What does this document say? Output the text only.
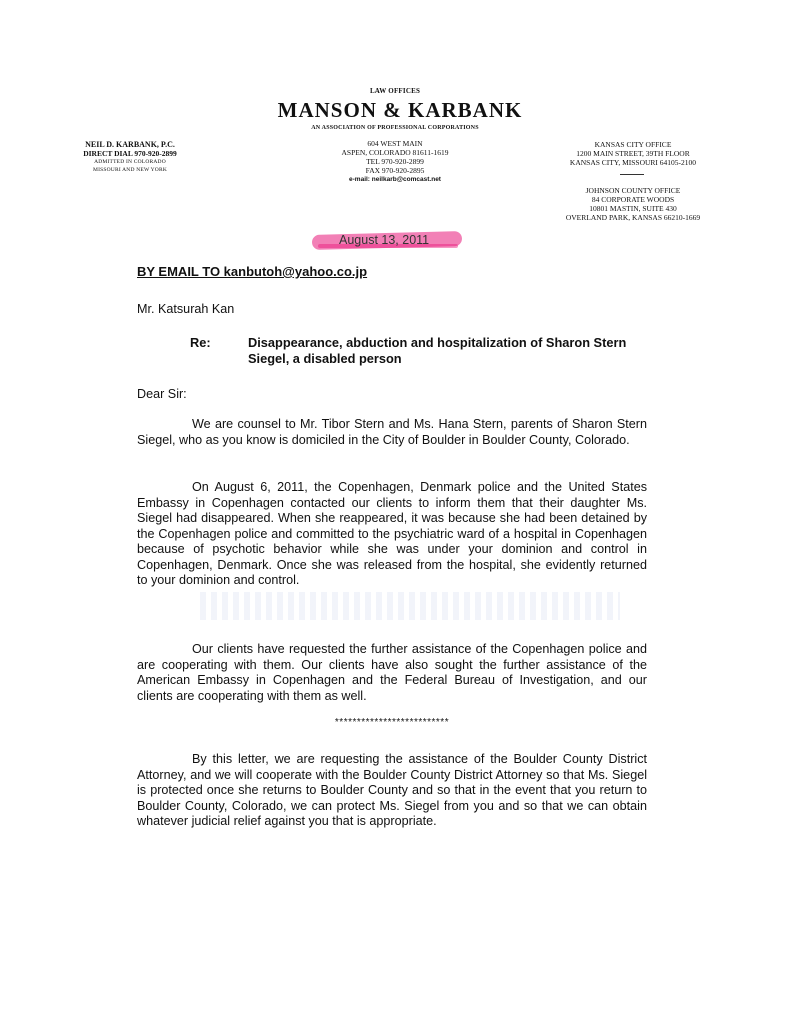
LAW OFFICES
MANSON & KARBANK
AN ASSOCIATION OF PROFESSIONAL CORPORATIONS
NEIL D. KARBANK, P.C.
DIRECT DIAL 970-920-2899
ADMITTED IN COLORADO
MISSOURI AND NEW YORK
604 WEST MAIN
ASPEN, COLORADO 81611-1619
TEL 970-920-2899
FAX 970-920-2895
e-mail: neilkarb@comcast.net
KANSAS CITY OFFICE
1200 MAIN STREET, 39TH FLOOR
KANSAS CITY, MISSOURI 64105-2100
JOHNSON COUNTY OFFICE
84 CORPORATE WOODS
10801 MASTIN, SUITE 430
OVERLAND PARK, KANSAS 66210-1669
August 13, 2011
BY EMAIL TO kanbutoh@yahoo.co.jp
Mr. Katsurah Kan
Re:	Disappearance, abduction and hospitalization of Sharon Stern
Siegel, a disabled person
Dear Sir:
We are counsel to Mr. Tibor Stern and Ms. Hana Stern, parents of Sharon Stern Siegel, who as you know is domiciled in the City of Boulder in Boulder County, Colorado.
On August 6, 2011, the Copenhagen, Denmark police and the United States Embassy in Copenhagen contacted our clients to inform them that their daughter Ms. Siegel had disappeared. When she reappeared, it was because she had been detained by the Copenhagen police and committed to the psychiatric ward of a hospital in Copenhagen because of psychotic behavior while she was under your dominion and control in Copenhagen, Denmark. Once she was released from the hospital, she evidently returned to your dominion and control.
Our clients have requested the further assistance of the Copenhagen police and are cooperating with them. Our clients have also sought the further assistance of the American Embassy in Copenhagen and the Federal Bureau of Investigation, and our clients are cooperating with them as well.
**************************
By this letter, we are requesting the assistance of the Boulder County District Attorney, and we will cooperate with the Boulder County District Attorney so that Ms. Siegel is protected once she returns to Boulder County and so that in the event that you return to Boulder County, Colorado, we can protect Ms. Siegel from you and so that we can obtain whatever judicial relief against you that is appropriate.
